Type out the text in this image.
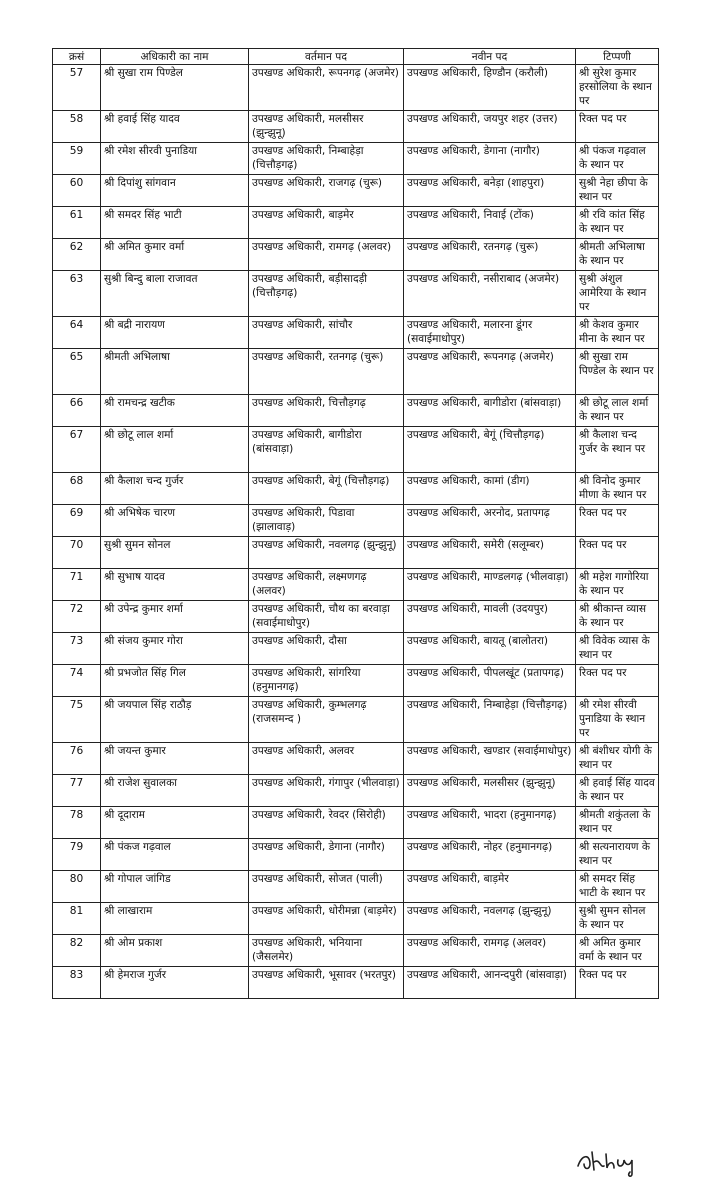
क्रसं	अधिकारी का नाम	वर्तमान पद	नवीन पद	टिप्पणी
57	श्री सुखा राम पिण्डेल	उपखण्ड अधिकारी, रूपनगढ़ (अजमेर)	उपखण्ड अधिकारी, हिण्डौन (करौली)	श्री सुरेश कुमार हरसोलिया के स्थान पर
58	श्री हवाई सिंह यादव	उपखण्ड अधिकारी, मलसीसर (झुन्झुनू)	उपखण्ड अधिकारी, जयपुर शहर (उत्तर)	रिक्त पद पर
59	श्री रमेश सीरवी पुनाडिया	उपखण्ड अधिकारी, निम्बाहेड़ा (चित्तौड़गढ़)	उपखण्ड अधिकारी, डेगाना (नागौर)	श्री पंकज गढ़वाल के स्थान पर
60	श्री दिपांशु सांगवान	उपखण्ड अधिकारी, राजगढ़ (चुरू)	उपखण्ड अधिकारी, बनेड़ा (शाहपुरा)	सुश्री नेहा छीपा के स्थान पर
61	श्री समदर सिंह भाटी	उपखण्ड अधिकारी, बाड़मेर	उपखण्ड अधिकारी, निवाई (टोंक)	श्री रवि कांत सिंह के स्थान पर
62	श्री अमित कुमार वर्मा	उपखण्ड अधिकारी, रामगढ़ (अलवर)	उपखण्ड अधिकारी, रतनगढ़ (चुरू)	श्रीमती अभिलाषा के स्थान पर
63	सुश्री बिन्दु बाला राजावत	उपखण्ड अधिकारी, बड़ीसादड़ी (चित्तौड़गढ़)	उपखण्ड अधिकारी, नसीराबाद (अजमेर)	सुश्री अंशुल आमेरिया के स्थान पर
64	श्री बद्री नारायण	उपखण्ड अधिकारी, सांचौर	उपखण्ड अधिकारी, मलारना डूंगर (सवाईमाधोपुर)	श्री केशव कुमार मीना के स्थान पर
65	श्रीमती अभिलाषा	उपखण्ड अधिकारी, रतनगढ़ (चुरू)	उपखण्ड अधिकारी, रूपनगढ़ (अजमेर)	श्री सुखा राम पिण्डेल के स्थान पर
66	श्री रामचन्द्र खटीक	उपखण्ड अधिकारी, चित्तौड़गढ़	उपखण्ड अधिकारी, बागीडोरा (बांसवाड़ा)	श्री छोटू लाल शर्मा के स्थान पर
67	श्री छोटू लाल शर्मा	उपखण्ड अधिकारी, बागीडोरा (बांसवाड़ा)	उपखण्ड अधिकारी, बेगूं (चित्तौड़गढ़)	श्री कैलाश चन्द गुर्जर के स्थान पर
68	श्री कैलाश चन्द गुर्जर	उपखण्ड अधिकारी, बेगूं (चित्तौड़गढ़)	उपखण्ड अधिकारी, कामां (डीग)	श्री विनोद कुमार मीणा के स्थान पर
69	श्री अभिषेक चारण	उपखण्ड अधिकारी, पिडावा (झालावाड़)	उपखण्ड अधिकारी, अरनोद, प्रतापगढ़	रिक्त पद पर
70	सुश्री सुमन सोनल	उपखण्ड अधिकारी, नवलगढ़ (झुन्झुनू)	उपखण्ड अधिकारी, समेरी (सलूम्बर)	रिक्त पद पर
71	श्री सुभाष यादव	उपखण्ड अधिकारी, लक्ष्मणगढ़ (अलवर)	उपखण्ड अधिकारी, माण्डलगढ़ (भीलवाड़ा)	श्री महेश गागोरिया के स्थान पर
72	श्री उपेन्द्र कुमार शर्मा	उपखण्ड अधिकारी, चौथ का बरवाड़ा (सवाईमाधोपुर)	उपखण्ड अधिकारी, मावली (उदयपुर)	श्री श्रीकान्त व्यास के स्थान पर
73	श्री संजय कुमार गोरा	उपखण्ड अधिकारी, दौसा	उपखण्ड अधिकारी, बायतू (बालोतरा)	श्री विवेक व्यास के स्थान पर
74	श्री प्रभजोत सिंह गिल	उपखण्ड अधिकारी, सांगरिया (हनुमानगढ़)	उपखण्ड अधिकारी, पीपलखूंट (प्रतापगढ़)	रिक्त पद पर
75	श्री जयपाल सिंह राठौड़	उपखण्ड अधिकारी, कुम्भलगढ़ (राजसमन्द )	उपखण्ड अधिकारी, निम्बाहेड़ा (चित्तौड़गढ़)	श्री रमेश सीरवी पुनाडिया के स्थान पर
76	श्री जयन्त कुमार	उपखण्ड अधिकारी, अलवर	उपखण्ड अधिकारी, खण्डार (सवाईमाधोपुर)	श्री बंशीधर योगी के स्थान पर
77	श्री राजेश सुवालका	उपखण्ड अधिकारी, गंगापुर (भीलवाड़ा)	उपखण्ड अधिकारी, मलसीसर (झुन्झुनू)	श्री हवाई सिंह यादव के स्थान पर
78	श्री दूदाराम	उपखण्ड अधिकारी, रेवदर (सिरोही)	उपखण्ड अधिकारी, भादरा (हनुमानगढ़)	श्रीमती शकुंतला के स्थान पर
79	श्री पंकज गढ़वाल	उपखण्ड अधिकारी, डेगाना (नागौर)	उपखण्ड अधिकारी, नोहर (हनुमानगढ़)	श्री सत्यनारायण के स्थान पर
80	श्री गोपाल जांगिड	उपखण्ड अधिकारी, सोजत (पाली)	उपखण्ड अधिकारी, बाड़मेर	श्री समदर सिंह भाटी के स्थान पर
81	श्री लाखाराम	उपखण्ड अधिकारी, धोरीमन्ना (बाड़मेर)	उपखण्ड अधिकारी, नवलगढ़ (झुन्झुनू)	सुश्री सुमन सोनल के स्थान पर
82	श्री ओम प्रकाश	उपखण्ड अधिकारी, भनियाना (जैसलमेर)	उपखण्ड अधिकारी, रामगढ़ (अलवर)	श्री अमित कुमार वर्मा के स्थान पर
83	श्री हेमराज गुर्जर	उपखण्ड अधिकारी, भूसावर (भरतपुर)	उपखण्ड अधिकारी, आनन्दपुरी (बांसवाड़ा)	रिक्त पद पर
